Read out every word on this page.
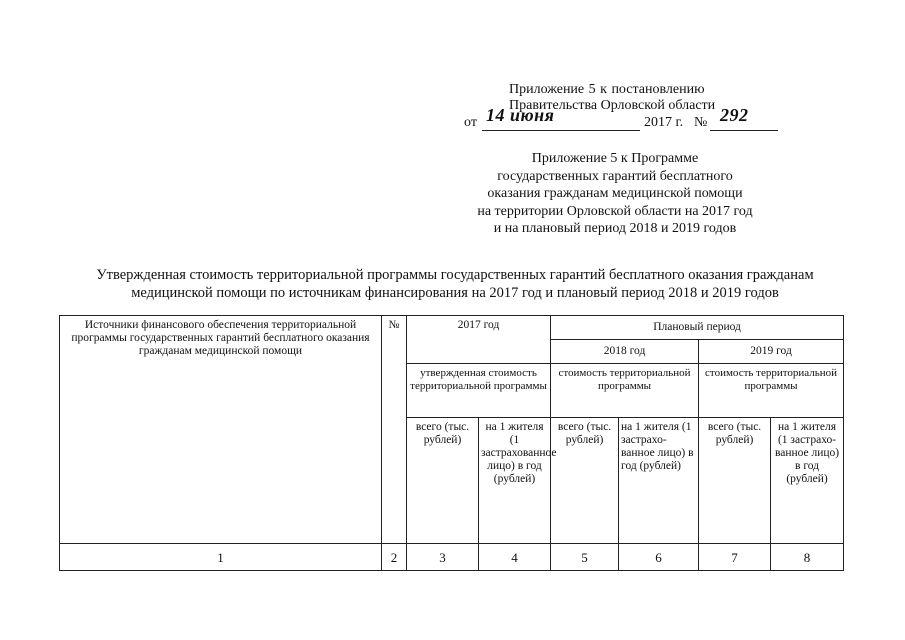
Приложение 5 к постановлению
Правительства Орловской области
от 14 июня	2017 г. № 292
Приложение 5 к Программе
государственных гарантий бесплатного
оказания гражданам медицинской помощи
на территории Орловской области на 2017 год
и на плановый период 2018 и 2019 годов
Утвержденная стоимость территориальной программы государственных гарантий бесплатного оказания гражданам
медицинской помощи по источникам финансирования на 2017 год и плановый период 2018 и 2019 годов
Источники финансового обеспечения территориальной программы государственных гарантий бесплатного оказания гражданам медицинской помощи	№	2017 год		Плановый период			
				2018 год		2019 год	
		утвержденная стоимость территориальной программы		стоимость территориальной программы		стоимость территориальной программы	
		всего (тыс. рублей)	на 1 жителя (1 застрахованное лицо) в год (рублей)	всего (тыс. рублей)	на 1 жителя (1 застрахо-ванное лицо) в год (рублей)	всего (тыс. рублей)	на 1 жителя (1 застрахо-ванное лицо) в год (рублей)
1	2	3	4	5	6	7	8
